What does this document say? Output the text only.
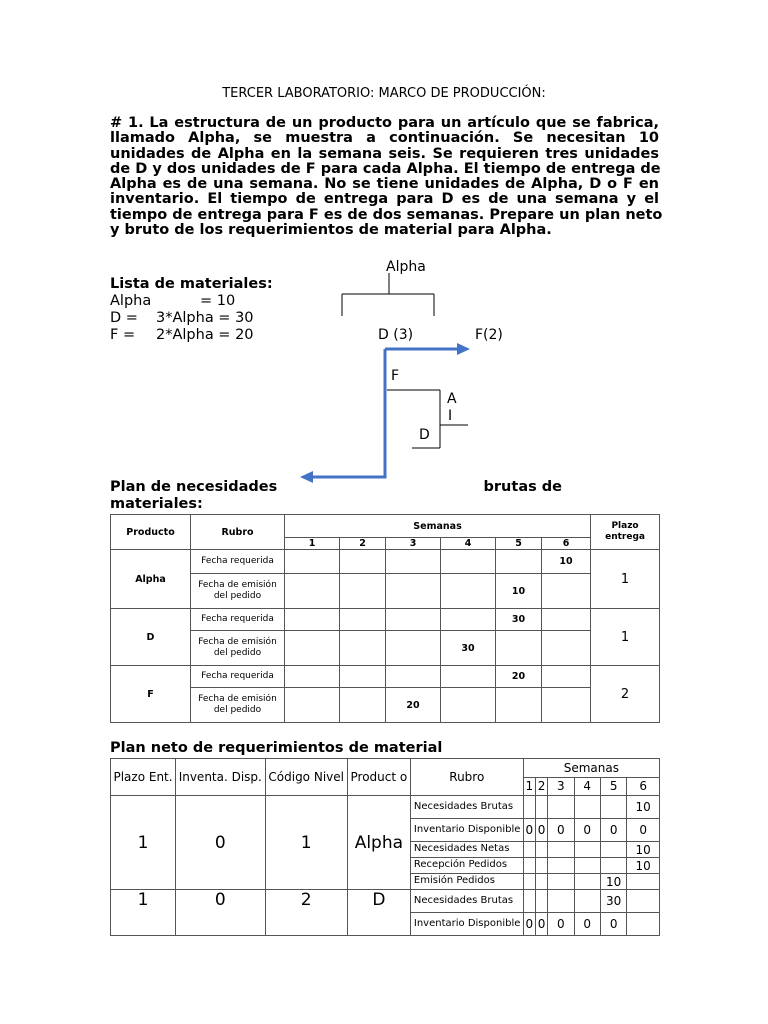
TERCER LABORATORIO: MARCO DE PRODUCCIÓN:
# 1. La estructura de un producto para un artículo que se fabrica,
llamado Alpha, se muestra a continuación. Se necesitan 10
unidades de Alpha en la semana seis. Se requieren tres unidades
de D y dos unidades de F para cada Alpha. El tiempo de entrega de
Alpha es de una semana. No se tiene unidades de Alpha, D o F en
inventario. El tiempo de entrega para D es de una semana y el
tiempo de entrega para F es de dos semanas. Prepare un plan neto
y bruto de los requerimientos de material para Alpha.
Lista de materiales:
Alpha	= 10
D = 3*Alpha = 30
F = 2*Alpha = 20
Alpha
D (3)	F(2)
F
A
I
D
Plan de necesidades	brutas de
materiales:
Producto	Rubro	Semanas						Plazo entrega
		1	2	3	4	5	6	
Alpha	Fecha requerida						10	1
	Fecha de emisión del pedido					10		
D	Fecha requerida					30		1
	Fecha de emisión del pedido				30			
F	Fecha requerida					20		2
	Fecha de emisión del pedido			20				
Plan neto de requerimientos de material
Plazo Ent.	Inventa. Disp.	Código Nivel	Product o	Rubro	Semanas					
					1	2	3	4	5	6
1	0	1	Alpha	Necesidades Brutas						10
				Inventario Disponible	0	0	0	0	0	0
				Necesidades Netas						10
				Recepción Pedidos						10
				Emisión Pedidos					10	
1	0	2	D	Necesidades Brutas					30	
				Inventario Disponible	0	0	0	0	0	
